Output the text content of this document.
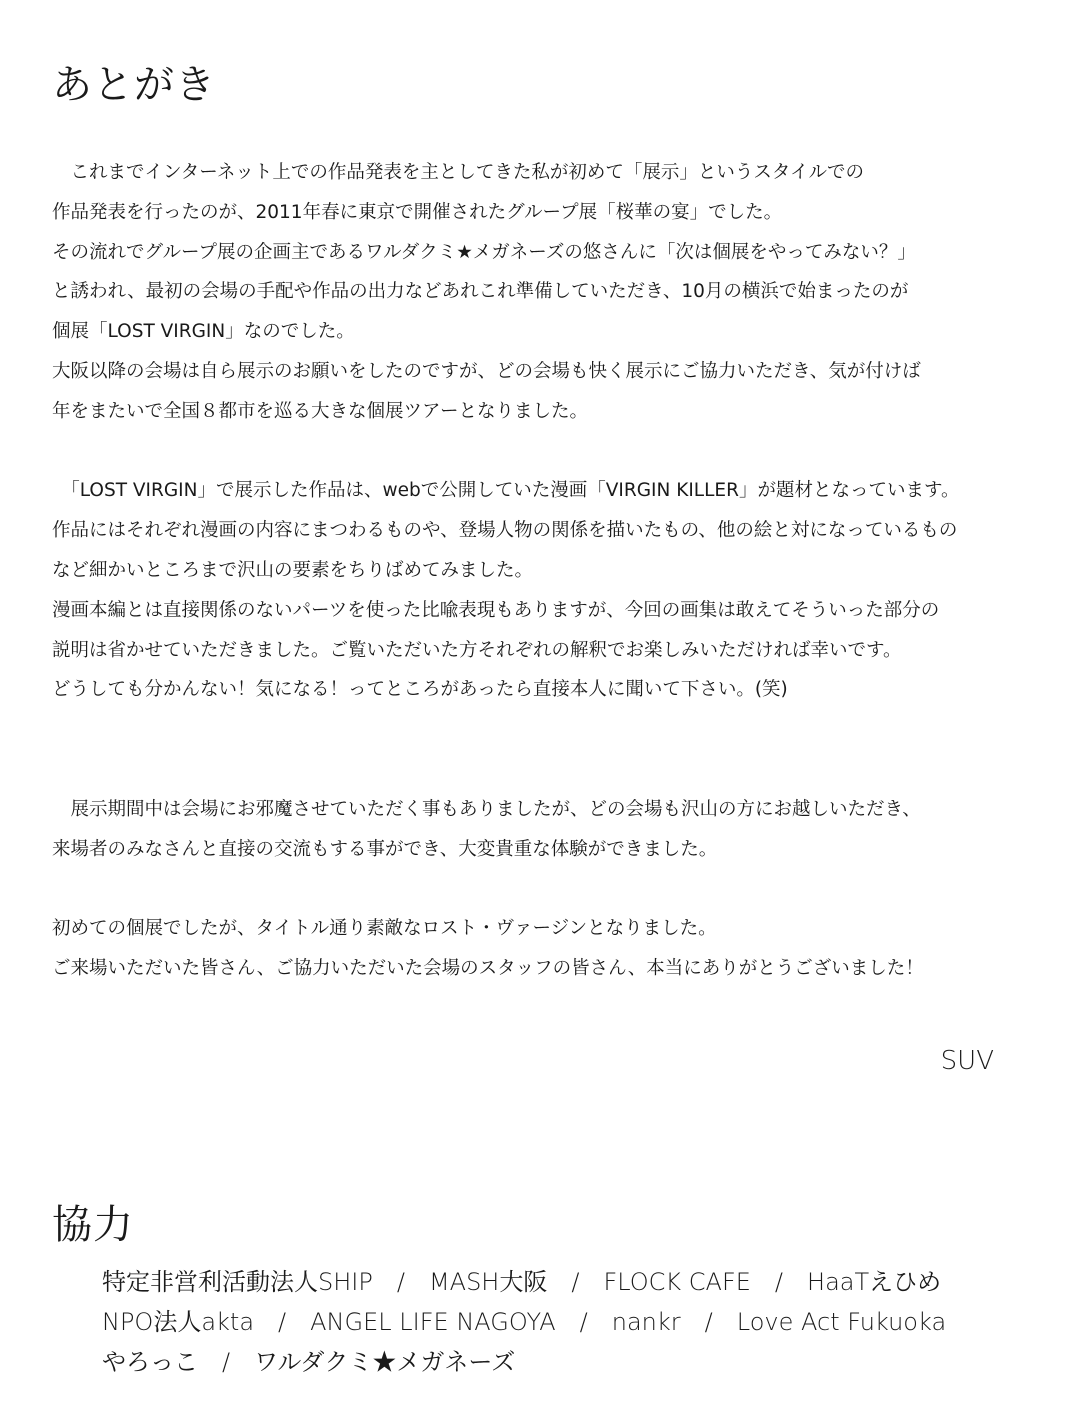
あとがき
　これまでインターネット上での作品発表を主としてきた私が初めて「展示」というスタイルでの
作品発表を行ったのが、2011年春に東京で開催されたグループ展「桜華の宴」でした。
その流れでグループ展の企画主であるワルダクミ★メガネーズの悠さんに「次は個展をやってみない？」
と誘われ、最初の会場の手配や作品の出力などあれこれ準備していただき、10月の横浜で始まったのが
個展「LOST VIRGIN」なのでした。
大阪以降の会場は自ら展示のお願いをしたのですが、どの会場も快く展示にご協力いただき、気が付けば
年をまたいで全国８都市を巡る大きな個展ツアーとなりました。
　「LOST VIRGIN」で展示した作品は、webで公開していた漫画「VIRGIN KILLER」が題材となっています。
作品にはそれぞれ漫画の内容にまつわるものや、登場人物の関係を描いたもの、他の絵と対になっているもの
など細かいところまで沢山の要素をちりばめてみました。
漫画本編とは直接関係のないパーツを使った比喩表現もありますが、今回の画集は敢えてそういった部分の
説明は省かせていただきました。ご覧いただいた方それぞれの解釈でお楽しみいただければ幸いです。
どうしても分かんない！気になる！ってところがあったら直接本人に聞いて下さい。(笑)
　展示期間中は会場にお邪魔させていただく事もありましたが、どの会場も沢山の方にお越しいただき、
来場者のみなさんと直接の交流もする事ができ、大変貴重な体験ができました。
初めての個展でしたが、タイトル通り素敵なロスト・ヴァージンとなりました。
ご来場いただいた皆さん、ご協力いただいた会場のスタッフの皆さん、本当にありがとうございました！
SUV
協力
特定非営利活動法人SHIP / MASH大阪 / FLOCK CAFE / HaaTえひめ
NPO法人akta / ANGEL LIFE NAGOYA / nankr / Love Act Fukuoka
やろっこ / ワルダクミ★メガネーズ
